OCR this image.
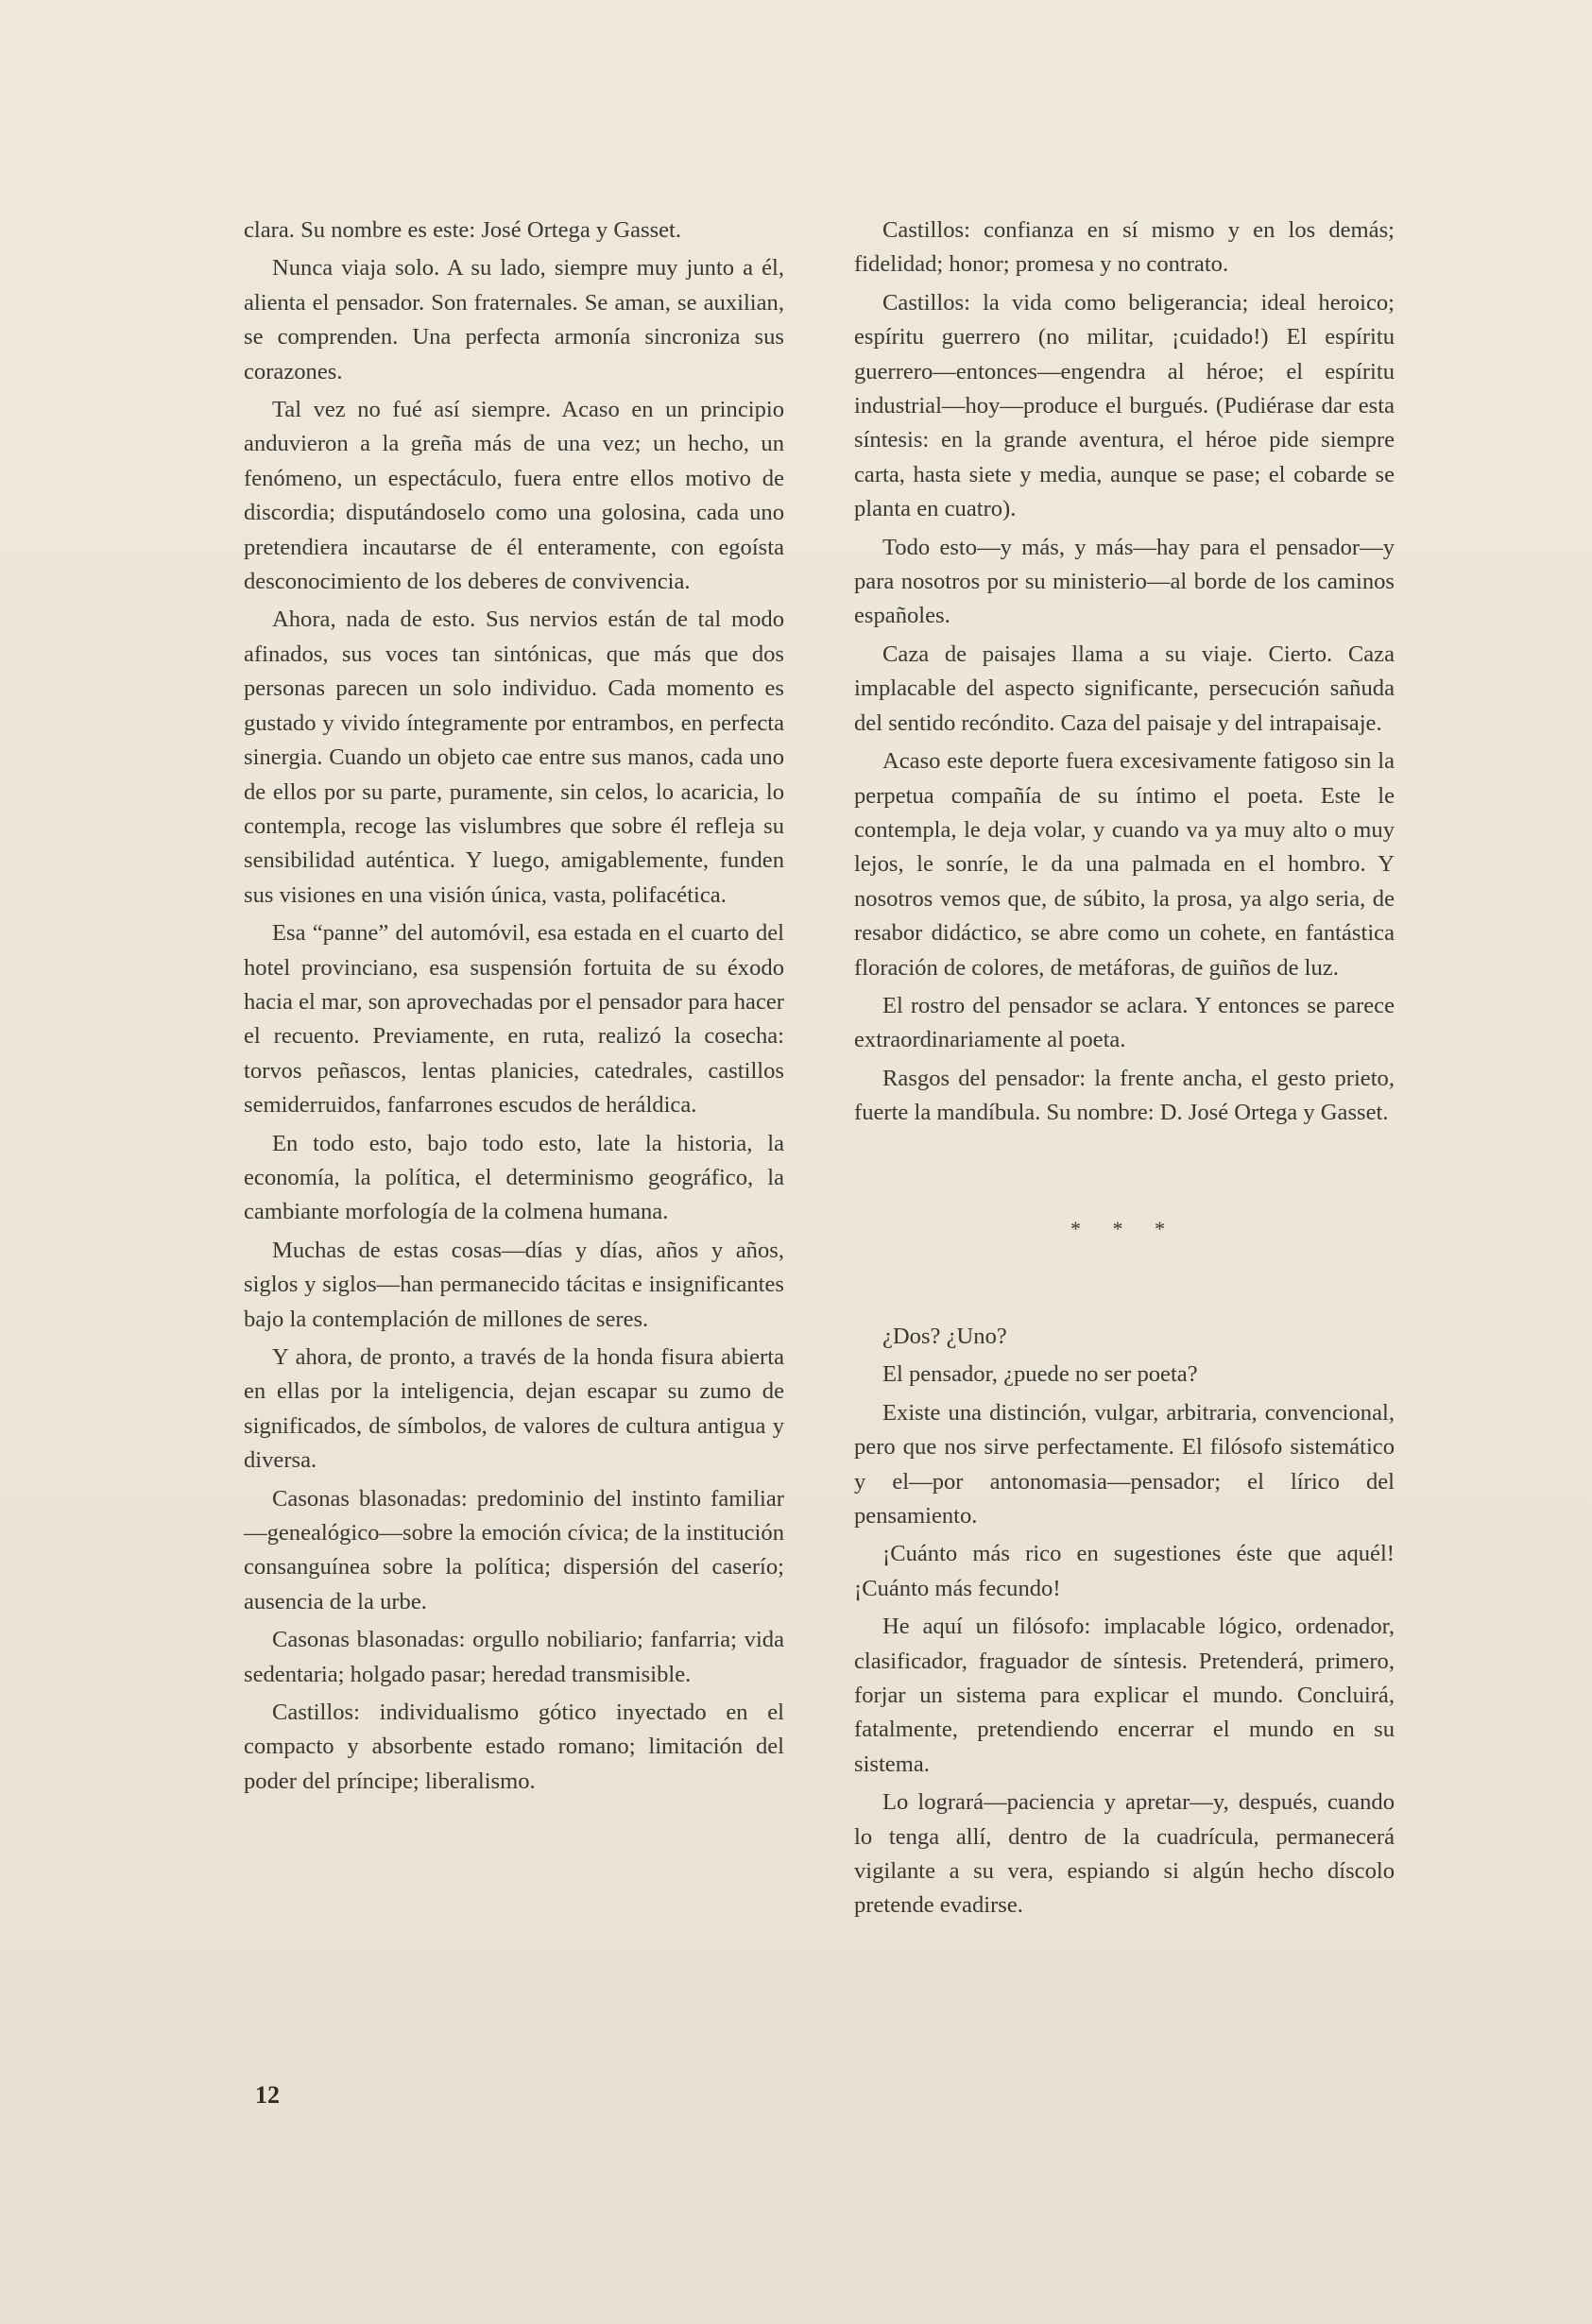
clara. Su nombre es este: José Ortega y Gasset.

Nunca viaja solo. A su lado, siempre muy junto a él, alienta el pensador. Son fraternales. Se aman, se auxilian, se comprenden. Una perfecta armonía sincroniza sus corazones.

Tal vez no fué así siempre. Acaso en un principio anduvieron a la greña más de una vez; un hecho, un fenómeno, un espectáculo, fuera entre ellos motivo de discordia; disputándoselo como una golosina, cada uno pretendiera incautarse de él enteramente, con egoísta desconocimiento de los deberes de convivencia.

Ahora, nada de esto. Sus nervios están de tal modo afinados, sus voces tan sintónicas, que más que dos personas parecen un solo individuo. Cada momento es gustado y vivido íntegramente por entrambos, en perfecta sinergia. Cuando un objeto cae entre sus manos, cada uno de ellos por su parte, puramente, sin celos, lo acaricia, lo contempla, recoge las vislumbres que sobre él refleja su sensibilidad auténtica. Y luego, amigablemente, funden sus visiones en una visión única, vasta, polifacética.

Esa “panne” del automóvil, esa estada en el cuarto del hotel provinciano, esa suspensión fortuita de su éxodo hacia el mar, son aprovechadas por el pensador para hacer el recuento. Previamente, en ruta, realizó la cosecha: torvos peñascos, lentas planicies, catedrales, castillos semiderruidos, fanfarrones escudos de heráldica.

En todo esto, bajo todo esto, late la historia, la economía, la política, el determinismo geográfico, la cambiante morfología de la colmena humana.

Muchas de estas cosas—días y días, años y años, siglos y siglos—han permanecido tácitas e insignificantes bajo la contemplación de millones de seres.

Y ahora, de pronto, a través de la honda fisura abierta en ellas por la inteligencia, dejan escapar su zumo de significados, de símbolos, de valores de cultura antigua y diversa.

Casonas blasonadas: predominio del instinto familiar—genealógico—sobre la emoción cívica; de la institución consanguínea sobre la política; dispersión del caserío; ausencia de la urbe.

Casonas blasonadas: orgullo nobiliario; fanfarria; vida sedentaria; holgado pasar; heredad transmisible.

Castillos: individualismo gótico inyectado en el compacto y absorbente estado romano; limitación del poder del príncipe; liberalismo.

Castillos: confianza en sí mismo y en los demás; fidelidad; honor; promesa y no contrato.

Castillos: la vida como beligerancia; ideal heroico; espíritu guerrero (no militar, ¡cuidado!) El espíritu guerrero—entonces—engendra al héroe; el espíritu industrial—hoy—produce el burgués. (Pudiérase dar esta síntesis: en la grande aventura, el héroe pide siempre carta, hasta siete y media, aunque se pase; el cobarde se planta en cuatro).

Todo esto—y más, y más—hay para el pensador—y para nosotros por su ministerio—al borde de los caminos españoles.

Caza de paisajes llama a su viaje. Cierto. Caza implacable del aspecto significante, persecución sañuda del sentido recóndito. Caza del paisaje y del intrapaisaje.

Acaso este deporte fuera excesivamente fatigoso sin la perpetua compañía de su íntimo el poeta. Este le contempla, le deja volar, y cuando va ya muy alto o muy lejos, le sonríe, le da una palmada en el hombro. Y nosotros vemos que, de súbito, la prosa, ya algo seria, de resabor didáctico, se abre como un cohete, en fantástica floración de colores, de metáforas, de guiños de luz.

El rostro del pensador se aclara. Y entonces se parece extraordinariamente al poeta.

Rasgos del pensador: la frente ancha, el gesto prieto, fuerte la mandíbula. Su nombre: D. José Ortega y Gasset.

* * *

¿Dos? ¿Uno?

El pensador, ¿puede no ser poeta?

Existe una distinción, vulgar, arbitraria, convencional, pero que nos sirve perfectamente. El filósofo sistemático y el—por antonomasia—pensador; el lírico del pensamiento.

¡Cuánto más rico en sugestiones éste que aquél! ¡Cuánto más fecundo!

He aquí un filósofo: implacable lógico, ordenador, clasificador, fraguador de síntesis. Pretenderá, primero, forjar un sistema para explicar el mundo. Concluirá, fatalmente, pretendiendo encerrar el mundo en su sistema.

Lo logrará—paciencia y apretar—y, después, cuando lo tenga allí, dentro de la cuadrícula, permanecerá vigilante a su vera, espiando si algún hecho díscolo pretende evadirse.

12
